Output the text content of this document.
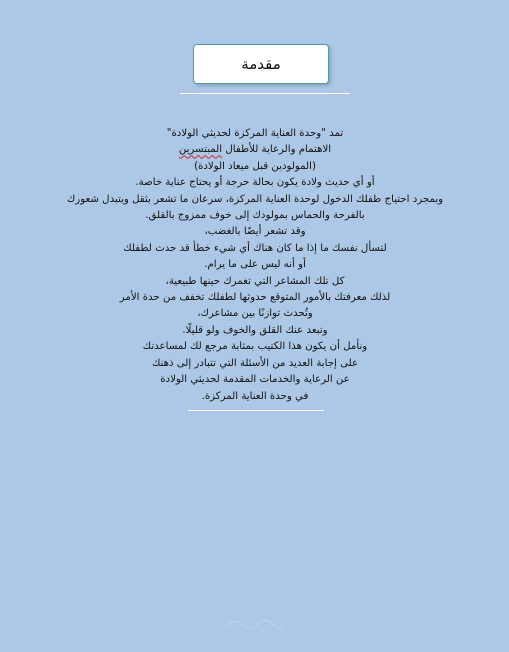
مقدمة
تمد "وحدة العناية المركزة لحديثي الولادة"
الاهتمام والرعاية للأطفال المبتسرين
(المولودين قبل ميعاد الولادة)
أو أي حديث ولادة يكون بحالة حرجة أو يحتاج عناية خاصة.
وبمجرد احتياج طفلك الدخول لوحدة العناية المركزة، سرعان ما تشعر بثقل ويتبدل شعورك
بالفرحة والحماس بمولودك إلى خوف ممزوج بالقلق.
وقد تشعر أيضًا بالغضب،
لتسأل نفسك ما إذا ما كان هناك أي شيء خطأ قد حدث لطفلك
أو أنه ليس على ما يرام.
كل تلك المشاعر التي تغمرك حينها طبيعية،
لذلك معرفتك بالأمور المتوقع حدوثها لطفلك تخفف من حدة الأمر
وتُحدث توازنًا بين مشاعرك،
وتبعد عنك القلق والخوف ولو قليلًا.
ونأمل أن يكون هذا الكتيب بمثابة مرجع لك لمساعدتك
على إجابة العديد من الأسئلة التي تتبادر إلى ذهنك
عن الرعاية والخدمات المقدمة لحديثي الولادة
في وحدة العناية المركزة.
